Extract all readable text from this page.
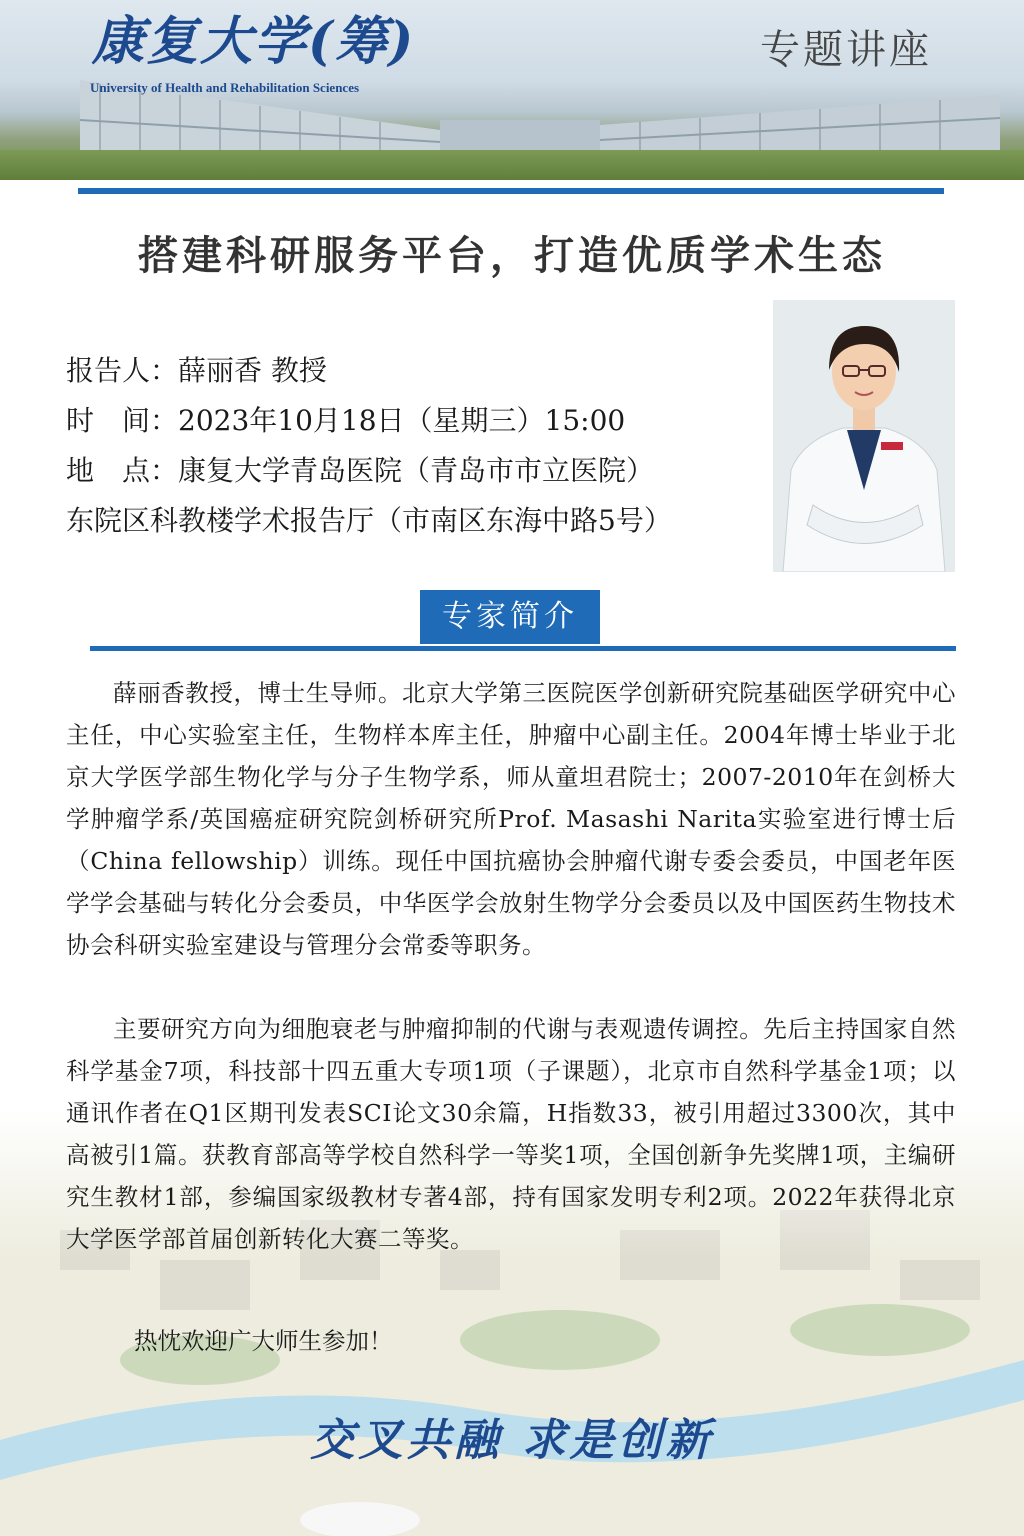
康复大学(筹)
University of Health and Rehabilitation Sciences
专题讲座
搭建科研服务平台，打造优质学术生态
报告人：薛丽香 教授
时　间：2023年10月18日（星期三）15:00
地　点：康复大学青岛医院（青岛市市立医院）
东院区科教楼学术报告厅（市南区东海中路5号）
专家简介

薛丽香教授，博士生导师。北京大学第三医院医学创新研究院基础医学研究中心主任，中心实验室主任，生物样本库主任，肿瘤中心副主任。2004年博士毕业于北京大学医学部生物化学与分子生物学系，师从童坦君院士；2007-2010年在剑桥大学肿瘤学系/英国癌症研究院剑桥研究所Prof. Masashi Narita实验室进行博士后（China fellowship）训练。现任中国抗癌协会肿瘤代谢专委会委员，中国老年医学学会基础与转化分会委员，中华医学会放射生物学分会委员以及中国医药生物技术协会科研实验室建设与管理分会常委等职务。

主要研究方向为细胞衰老与肿瘤抑制的代谢与表观遗传调控。先后主持国家自然科学基金7项，科技部十四五重大专项1项（子课题），北京市自然科学基金1项；以通讯作者在Q1区期刊发表SCI论文30余篇，H指数33，被引用超过3300次，其中高被引1篇。获教育部高等学校自然科学一等奖1项，全国创新争先奖牌1项，主编研究生教材1部，参编国家级教材专著4部，持有国家发明专利2项。2022年获得北京大学医学部首届创新转化大赛二等奖。

热忱欢迎广大师生参加！
交叉共融 求是创新
